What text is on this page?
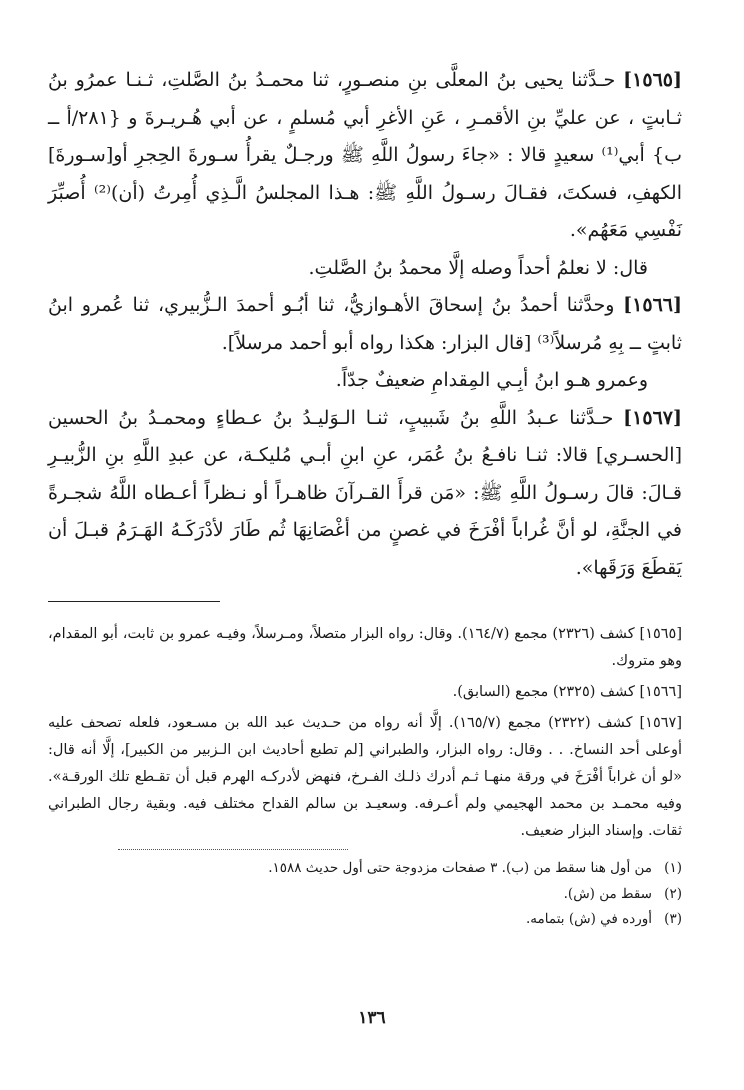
[١٥٦٥] حـدَّثنا يحيى بنُ المعلَّى بنِ منصـورٍ، ثنا محمـدُ بنُ الصَّلتِ، ثـنـا عمرُو بنُ ثـابتٍ ، عن عليِّ بنِ الأقمـرِ ، عَنِ الأغرِ أبي مُسلمٍ ، عن أبي هُـريـرةَ و {٢٨١/أ ــ ب} أبي⁽¹⁾ سعيدٍ قالا : «جاءَ رسولُ اللَّهِ ﷺ ورجـلٌ يقرأُ سـورةَ الحِجرِ أو[سـورةَ] الكهفِ، فسكتَ، فقـالَ رسـولُ اللَّهِ ﷺ: هـذا المجلسُ الَّـذِي أُمِرتُ (أن)⁽²⁾ أُصبِّرَ نَفْسِي مَعَهُم».

قال: لا نعلمُ أحداً وصله إلَّا محمدُ بنُ الصَّلتِ.

[١٥٦٦] وحدَّثنا أحمدُ بنُ إسحاقَ الأهـوازيُّ، ثنا أبُـو أحمدَ الـزُّبيري، ثنا عُمرو ابنُ ثابتٍ ــ بِهِ مُرسلاً⁽³⁾ [قال البزار: هكذا رواه أبو أحمد مرسلاً].

وعمرو هـو ابنُ أبِـي المِقدامِ ضعيفٌ جدّاً.

[١٥٦٧] حـدَّثنا عـبدُ اللَّهِ بنُ شَبيبٍ، ثنـا الـوَليـدُ بنُ عـطاءٍ ومحمـدُ بنُ الحسين [الحسـري] قالا: ثنـا نافـعُ بنُ عُمَر، عنِ ابنِ أبـي مُليكـة، عن عبدِ اللَّهِ بنِ الزُّبيـرِ قـالَ: قالَ رسـولُ اللَّهِ ﷺ: «مَن قرأَ القـرآنَ ظاهـراً أو نـظراً أعـطاه اللَّهُ شجـرةً في الجنَّةِ، لو أنَّ غُراباً أفْرَخَ في غصنٍ من أغْصَانِهَا ثُم طَارَ لأدْرَكَـهُ الهَـرَمُ قبـلَ أن يَقطَعَ وَرَقَها».

[١٥٦٥] كشف (٢٣٢٦) مجمع (١٦٤/٧). وقال: رواه البزار متصلاً، ومـرسلاً، وفيـه عمرو بن ثابت، أبو المقدام، وهو متروك.

[١٥٦٦] كشف (٢٣٢٥) مجمع (السابق).

[١٥٦٧] كشف (٢٣٢٢) مجمع (١٦٥/٧). إلَّا أنه رواه من حـديث عبد الله بن مسـعود، فلعله تصحف عليه أوعلى أحد النساخ. . . وقال: رواه البزار، والطبراني [لم تطبع أحاديث ابن الـزبير من الكبير]، إلَّا أنه قال: «لو أن غراباً أفْرَخَ في ورقة منهـا ثـم أدرك ذلـك الفـرخ، فنهض لأدركـه الهرم قبل أن تقـطع تلك الورقـة». وفيه محمـد بن محمد الهجيمي ولم أعـرفه. وسعيـد بن سالم القداح مختلف فيه. وبقية رجال الطبراني ثقات. وإسناد البزار ضعيف.

(١)من أول هنا سقط من (ب). ٣ صفحات مزدوجة حتى أول حديث ١٥٨٨.

(٢)سقط من (ش).

(٣)أورده في (ش) بتمامه.

١٣٦
